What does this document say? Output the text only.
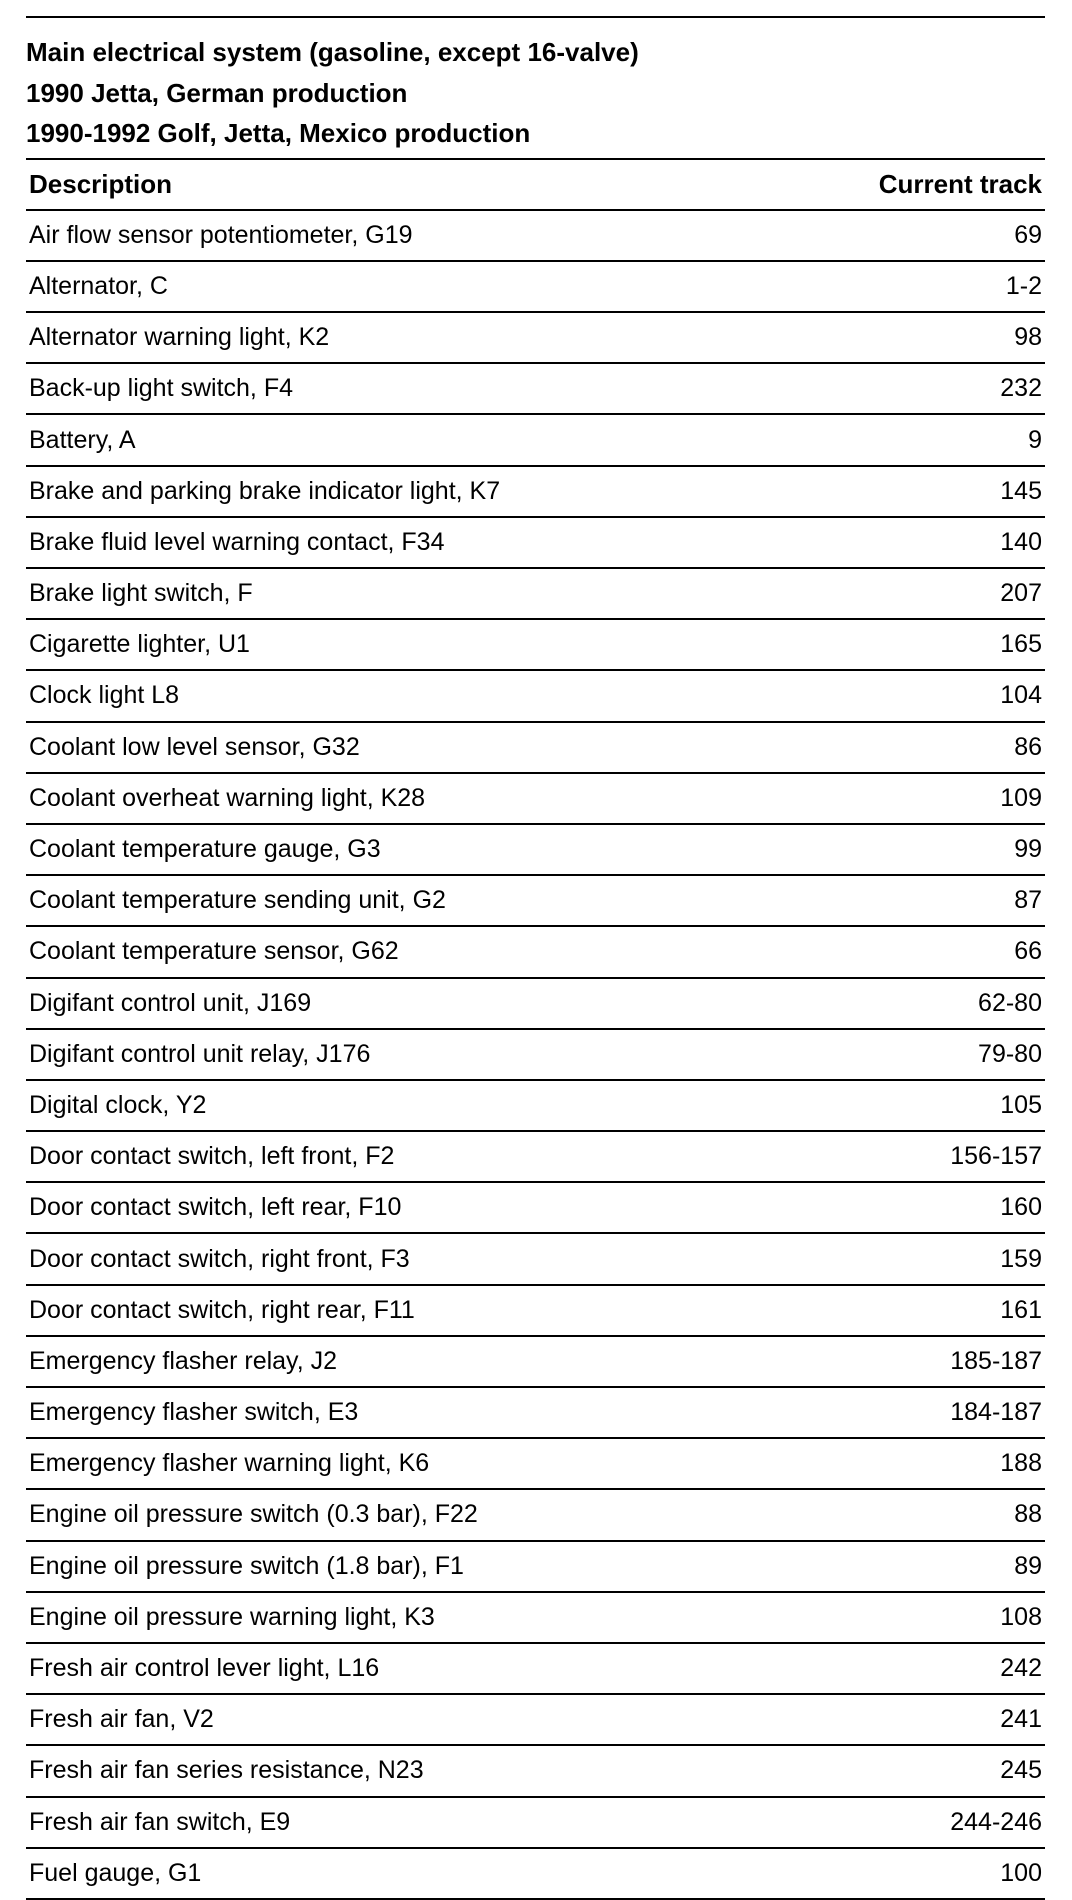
Main electrical system (gasoline, except 16-valve)
1990 Jetta, German production
1990-1992 Golf, Jetta, Mexico production
Description	Current track
Air flow sensor potentiometer, G19	69
Alternator, C	1-2
Alternator warning light, K2	98
Back-up light switch, F4	232
Battery, A	9
Brake and parking brake indicator light, K7	145
Brake fluid level warning contact, F34	140
Brake light switch, F	207
Cigarette lighter, U1	165
Clock light L8	104
Coolant low level sensor, G32	86
Coolant overheat warning light, K28	109
Coolant temperature gauge, G3	99
Coolant temperature sending unit, G2	87
Coolant temperature sensor, G62	66
Digifant control unit, J169	62-80
Digifant control unit relay, J176	79-80
Digital clock, Y2	105
Door contact switch, left front, F2	156-157
Door contact switch, left rear, F10	160
Door contact switch, right front, F3	159
Door contact switch, right rear, F11	161
Emergency flasher relay, J2	185-187
Emergency flasher switch, E3	184-187
Emergency flasher warning light, K6	188
Engine oil pressure switch (0.3 bar), F22	88
Engine oil pressure switch (1.8 bar), F1	89
Engine oil pressure warning light, K3	108
Fresh air control lever light, L16	242
Fresh air fan, V2	241
Fresh air fan series resistance, N23	245
Fresh air fan switch, E9	244-246
Fuel gauge, G1	100
